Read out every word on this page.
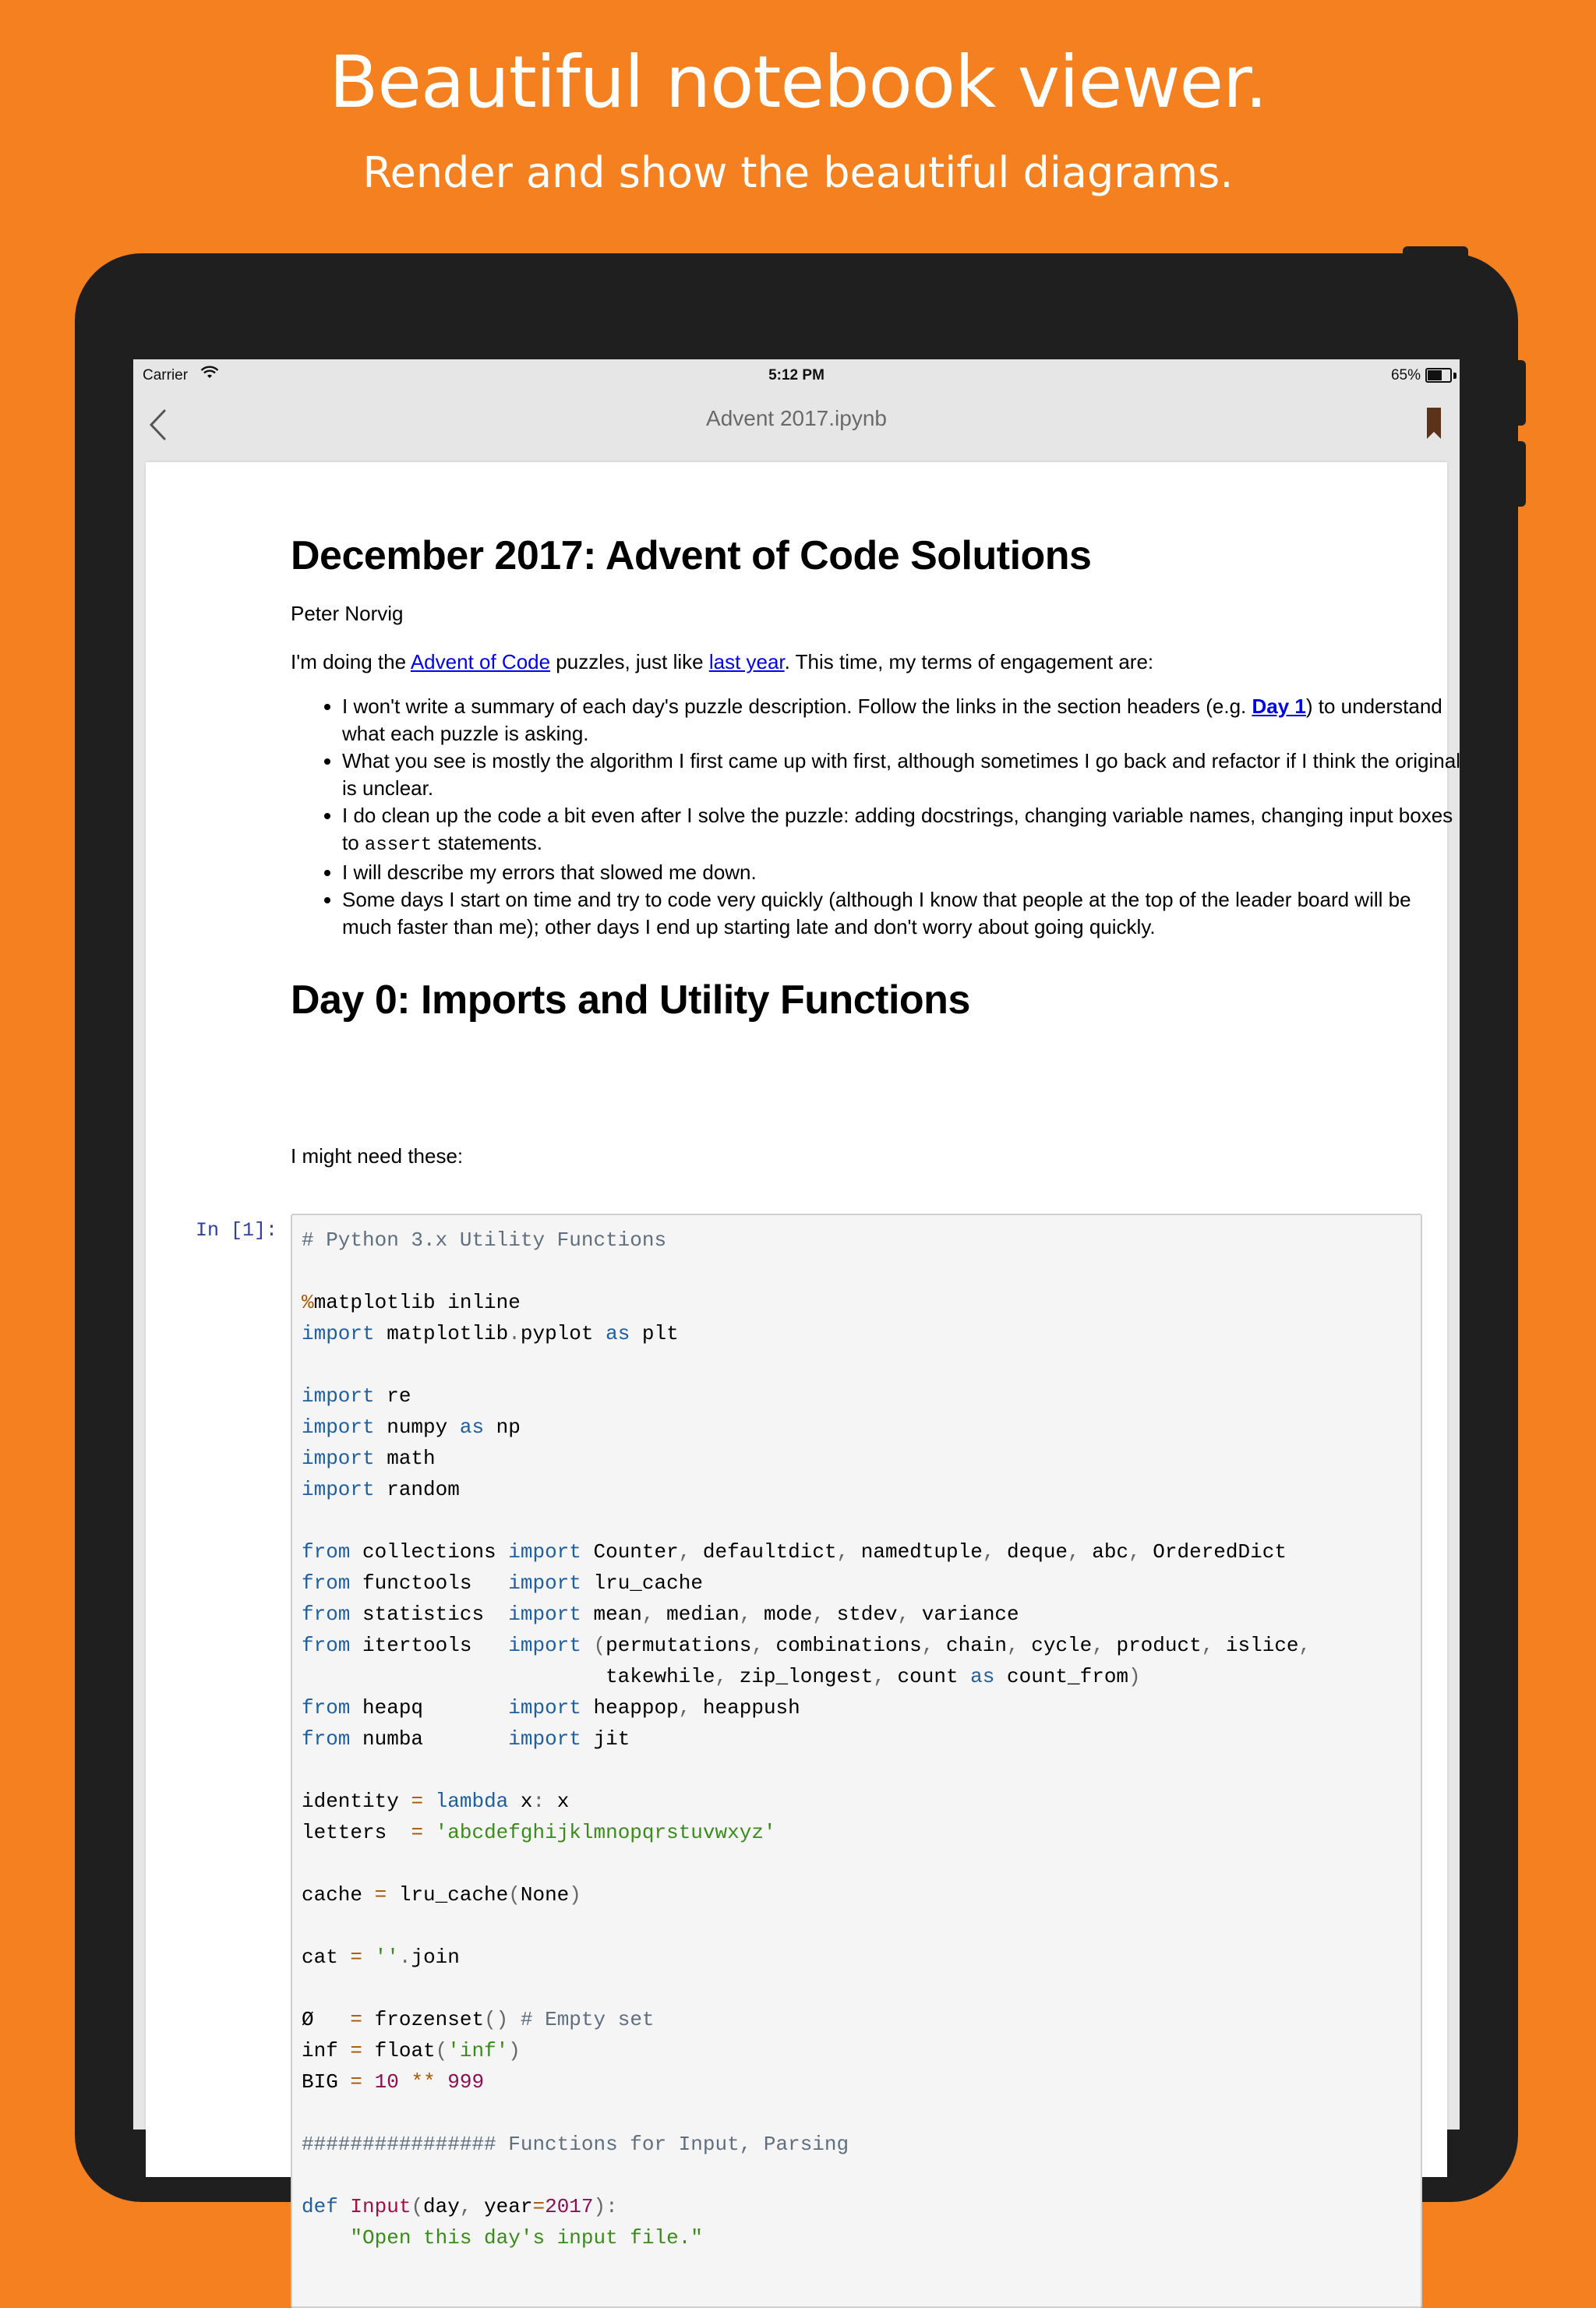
Beautiful notebook viewer.
Render and show the beautiful diagrams.
Carrier	5:12 PM	65%
Advent 2017.ipynb
December 2017: Advent of Code Solutions

Peter Norvig

I'm doing the Advent of Code puzzles, just like last year. This time, my terms of engagement are:

• I won't write a summary of each day's puzzle description. Follow the links in the section headers (e.g. Day 1) to understand what each puzzle is asking.
• What you see is mostly the algorithm I first came up with first, although sometimes I go back and refactor if I think the original is unclear.
• I do clean up the code a bit even after I solve the puzzle: adding docstrings, changing variable names, changing input boxes to assert statements.
• I will describe my errors that slowed me down.
• Some days I start on time and try to code very quickly (although I know that people at the top of the leader board will be much faster than me); other days I end up starting late and don't worry about going quickly.
Day 0: Imports and Utility Functions

I might need these:

In [1]: # Python 3.x Utility Functions

%matplotlib inline
import matplotlib.pyplot as plt

import re
import numpy as np
import math
import random

from collections import Counter, defaultdict, namedtuple, deque, abc, OrderedDict
from functools   import lru_cache
from statistics  import mean, median, mode, stdev, variance
from itertools   import (permutations, combinations, chain, cycle, product, islice,
takewhile, zip_longest, count as count_from)
from heapq       import heappop, heappush
from numba       import jit

identity = lambda x: x
letters  = 'abcdefghijklmnopqrstuvwxyz'

cache = lru_cache(None)

cat = ''.join

Ø   = frozenset() # Empty set
inf = float('inf')
BIG = 10 ** 999

################ Functions for Input, Parsing

def Input(day, year=2017):
"Open this day's input file."
